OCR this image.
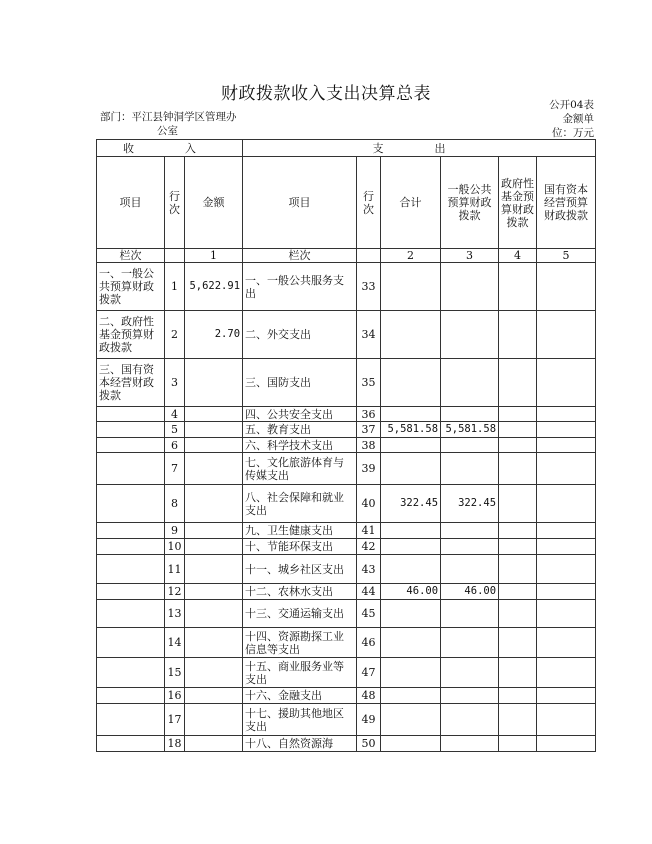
财政拨款收入支出决算总表
公开04表
部门：平江县钟洞学区管理办
公室
金额单
位：万元
收　入			支　出					
项目	行次	金额	项目	行次	合计	一般公共预算财政拨款	政府性基金预算财政拨款	国有资本经营预算财政拨款
栏次		1	栏次		2	3	4	5
一、一般公共预算财政拨款	1	5,622.91	一、一般公共服务支出	33				
二、政府性基金预算财政拨款	2	2.70	二、外交支出	34				
三、国有资本经营财政拨款	3		三、国防支出	35				
	4		四、公共安全支出	36				
	5		五、教育支出	37	5,581.58	5,581.58		
	6		六、科学技术支出	38				
	7		七、文化旅游体育与传媒支出	39				
	8		八、社会保障和就业支出	40	322.45	322.45		
	9		九、卫生健康支出	41				
	10		十、节能环保支出	42				
	11		十一、城乡社区支出	43				
	12		十二、农林水支出	44	46.00	46.00		
	13		十三、交通运输支出	45				
	14		十四、资源勘探工业信息等支出	46				
	15		十五、商业服务业等支出	47				
	16		十六、金融支出	48				
	17		十七、援助其他地区支出	49				
	18		十八、自然资源海	50				
